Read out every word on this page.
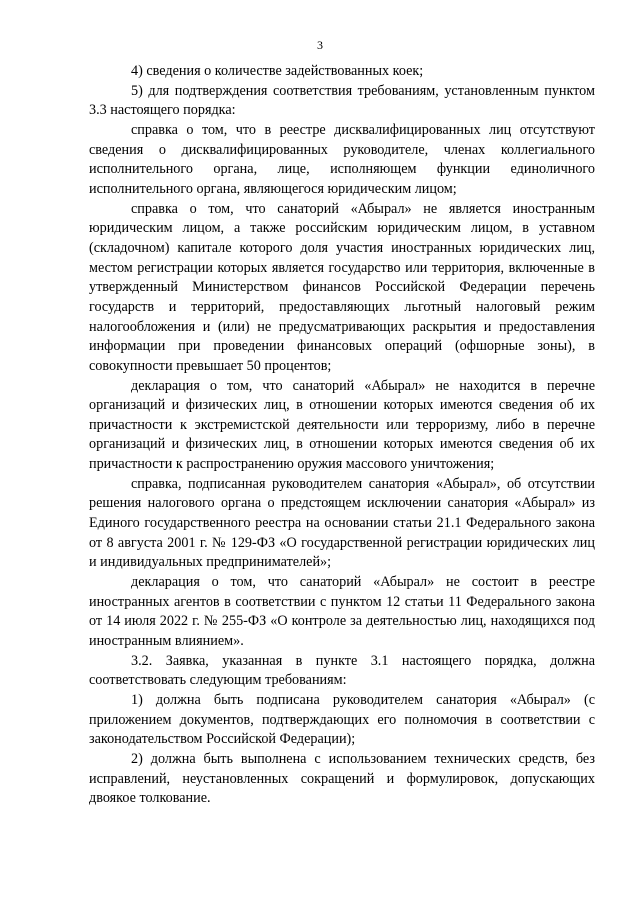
3

4) сведения о количестве задействованных коек;

5) для подтверждения соответствия требованиям, установленным пунктом 3.3 настоящего порядка:

справка о том, что в реестре дисквалифицированных лиц отсутствуют сведения о дисквалифицированных руководителе, членах коллегиального исполнительного органа, лице, исполняющем функции единоличного исполнительного органа, являющегося юридическим лицом;

справка о том, что санаторий «Абырал» не является иностранным юридическим лицом, а также российским юридическим лицом, в уставном (складочном) капитале которого доля участия иностранных юридических лиц, местом регистрации которых является государство или территория, включенные в утвержденный Министерством финансов Российской Федерации перечень государств и территорий, предоставляющих льготный налоговый режим налогообложения и (или) не предусматривающих раскрытия и предоставления информации при проведении финансовых операций (офшорные зоны), в совокупности превышает 50 процентов;

декларация о том, что санаторий «Абырал» не находится в перечне организаций и физических лиц, в отношении которых имеются сведения об их причастности к экстремистской деятельности или терроризму, либо в перечне организаций и физических лиц, в отношении которых имеются сведения об их причастности к распространению оружия массового уничтожения;

справка, подписанная руководителем санатория «Абырал», об отсутствии решения налогового органа о предстоящем исключении санатория «Абырал» из Единого государственного реестра на основании статьи 21.1 Федерального закона от 8 августа 2001 г. № 129-ФЗ «О государственной регистрации юридических лиц и индивидуальных предпринимателей»;

декларация о том, что санаторий «Абырал» не состоит в реестре иностранных агентов в соответствии с пунктом 12 статьи 11 Федерального закона от 14 июля 2022 г. № 255-ФЗ «О контроле за деятельностью лиц, находящихся под иностранным влиянием».

3.2. Заявка, указанная в пункте 3.1 настоящего порядка, должна соответствовать следующим требованиям:

1) должна быть подписана руководителем санатория «Абырал» (с приложением документов, подтверждающих его полномочия в соответствии с законодательством Российской Федерации);

2) должна быть выполнена с использованием технических средств, без исправлений, неустановленных сокращений и формулировок, допускающих двоякое толкование.
